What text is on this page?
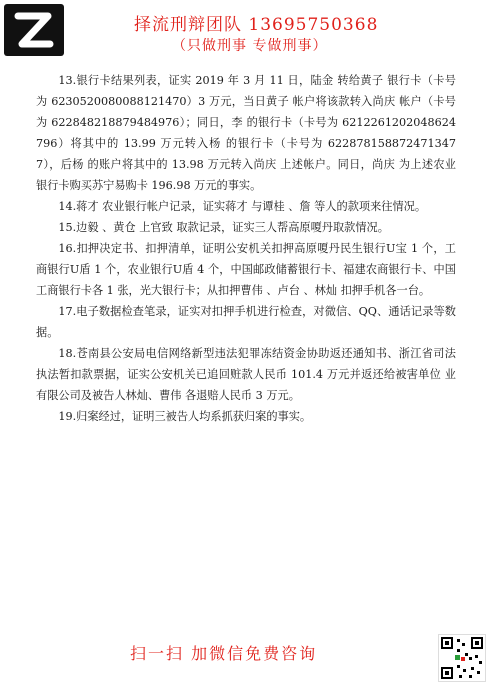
择流刑辩团队 13695750368
（只做刑事 专做刑事）

13.银行卡结果列表，证实 2019 年 3 月 11 日，陆金 转给黄子 银行卡（卡号为 6230520080088121470）3 万元，当日黄子 帐户将该款转入尚庆 帐户（卡号为 622848218879484976）；同日，李 的银行卡（卡号为 6212261202048624796）将其中的 13.99 万元转入杨 的银行卡（卡号为 6228781588724713477），后杨 的账户将其中的 13.98 万元转入尚庆 上述帐户。同日，尚庆 为上述农业银行卡购买苏宁易购卡 196.98 万元的事实。

14.蒋才 农业银行帐户记录，证实蒋才 与谭桂 、詹 等人的款项来往情况。

15.边毅 、黄仓 上官致 取款记录，证实三人帮高原嗄丹取款情况。

16.扣押决定书、扣押清单，证明公安机关扣押高原嗄丹民生银行U宝 1 个，工商银行U盾 1 个，农业银行U盾 4 个，中国邮政储蓄银行卡、福建农商银行卡、中国工商银行卡各 1 张，光大银行卡；从扣押曹伟 、卢台 、林灿 扣押手机各一台。

17.电子数据检查笔录，证实对扣押手机进行检查，对微信、QQ、通话记录等数据。

18.苍南县公安局电信网络新型违法犯罪冻结资金协助返还通知书、浙江省司法执法暂扣款票据，证实公安机关已追回赃款人民币 101.4 万元并返还给被害单位 业有限公司及被告人林灿、曹伟 各退赔人民币 3 万元。

19.归案经过，证明三被告人均系抓获归案的事实。

扫一扫 加微信免费咨询
